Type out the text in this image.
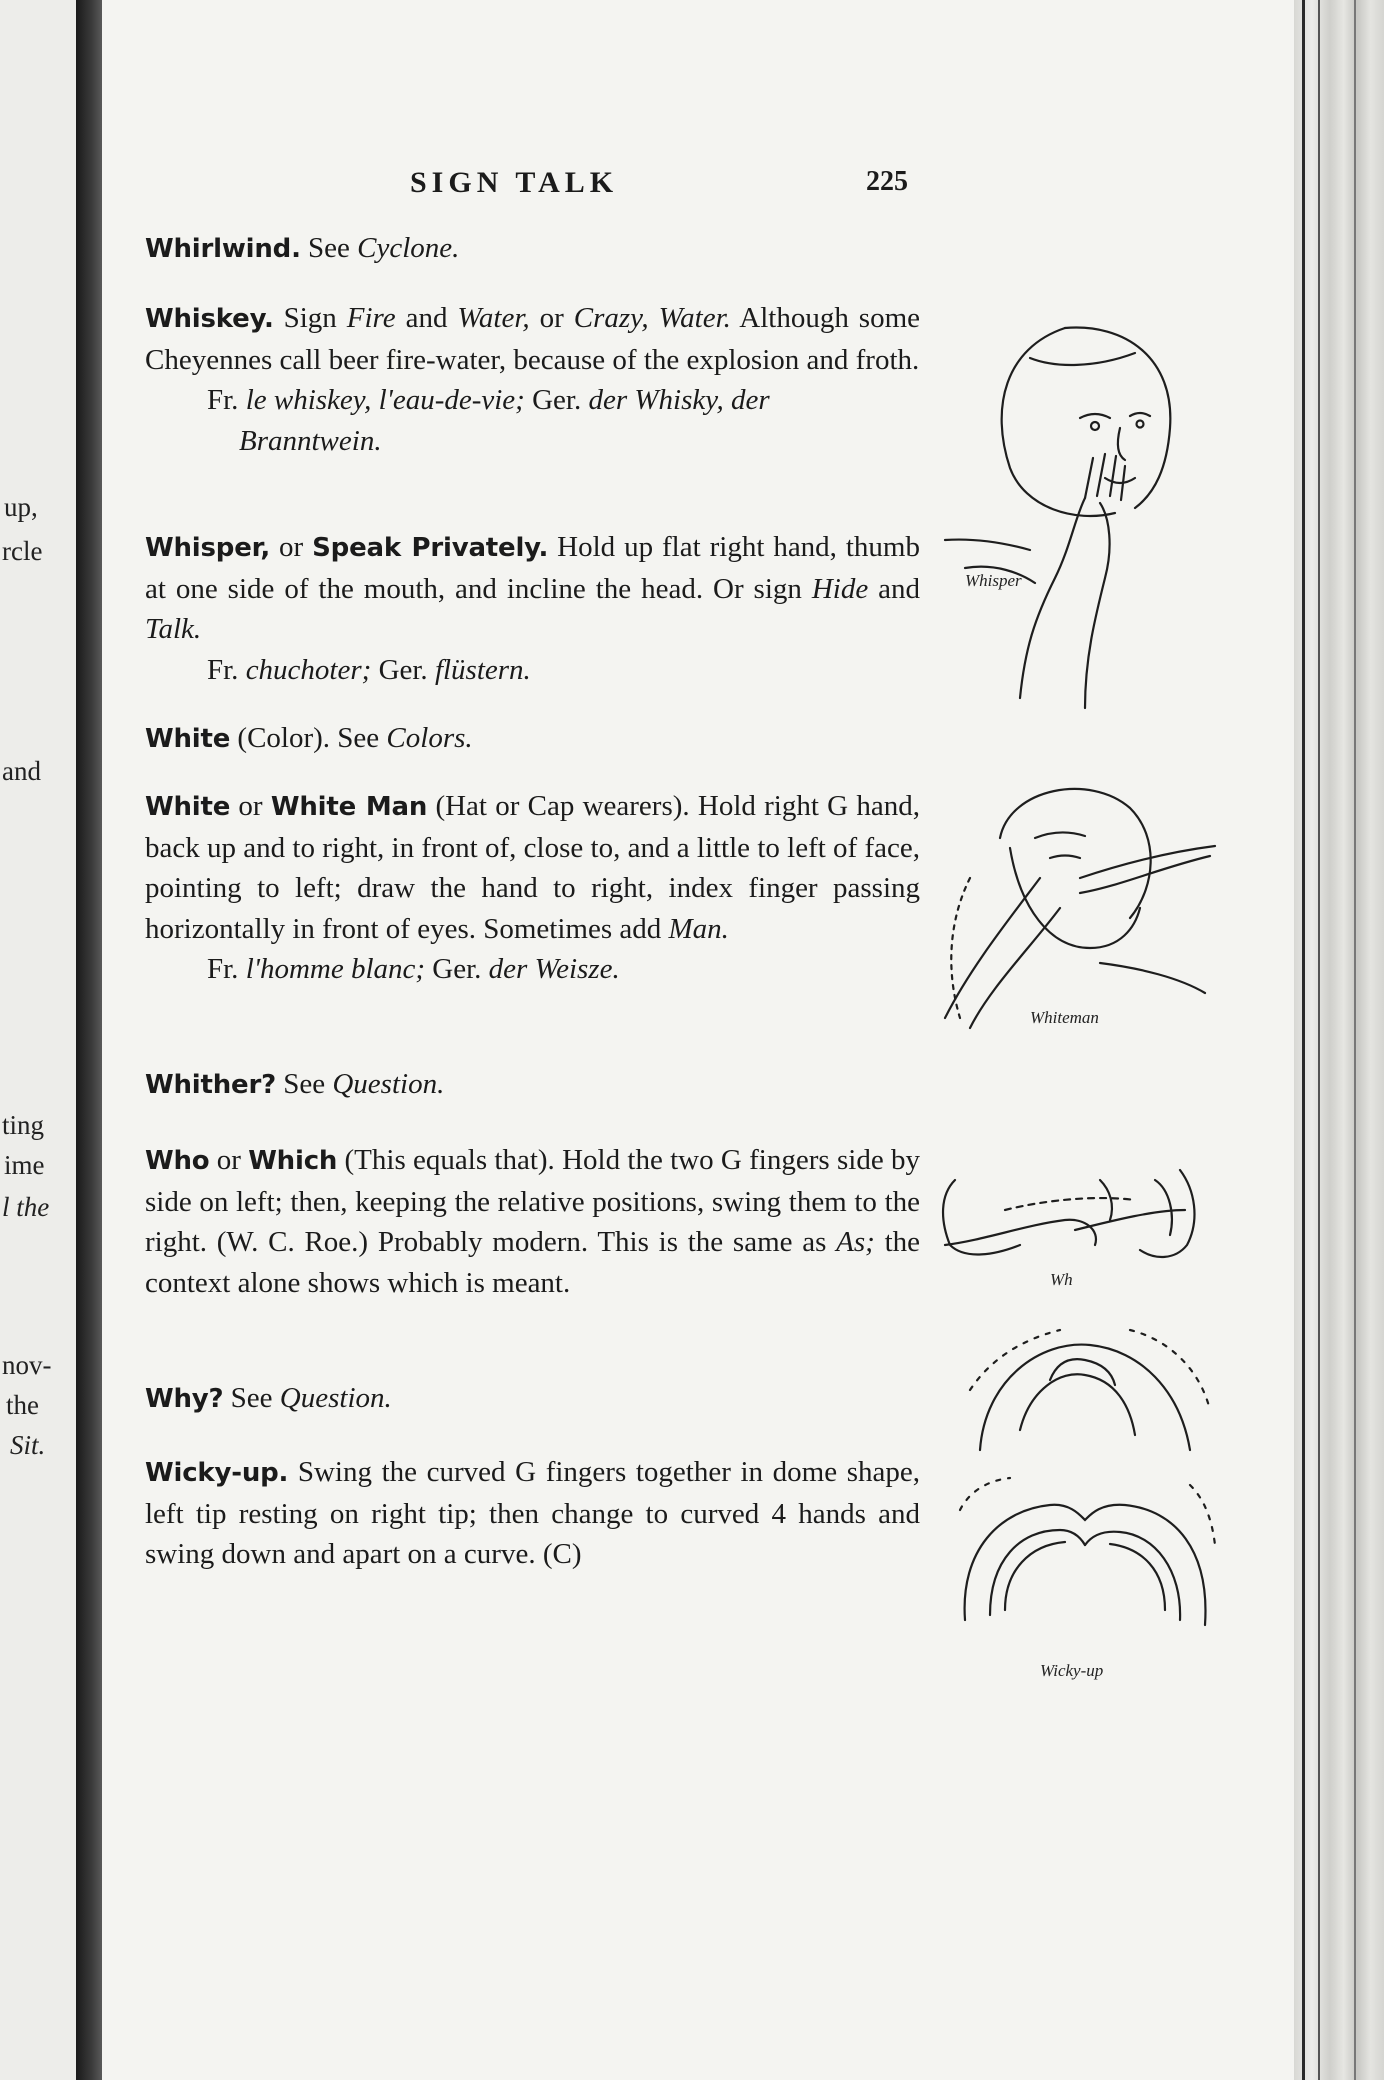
up,
rcle
and
ting
ime
l the
nov-
the
Sit.
SIGN TALK	225

Whirlwind. See Cyclone.

Whiskey. Sign Fire and Water, or Crazy, Water. Although some Cheyennes call beer fire-water, because of the explosion and froth.

Fr. le whiskey, l'eau-de-vie; Ger. der Whisky, der
Branntwein.

Whisper, or Speak Privately. Hold up flat right hand, thumb at one side of the mouth, and incline the head. Or sign Hide and Talk.

Fr. chuchoter; Ger. flüstern.

White (Color). See Colors.

White or White Man (Hat or Cap wearers). Hold right G hand, back up and to right, in front of, close to, and a little to left of face, pointing to left; draw the hand to right, index finger passing horizontally in front of eyes. Sometimes add Man.

Fr. l'homme blanc; Ger. der Weisze.

Whither? See Question.

Who or Which (This equals that). Hold the two G fingers side by side on left; then, keeping the relative positions, swing them to the right. (W. C. Roe.) Probably modern. This is the same as As; the context alone shows which is meant.

Why? See Question.

Wicky-up. Swing the curved G fingers together in dome shape, left tip resting on right tip; then change to curved 4 hands and swing down and apart on a curve. (C)

Whisper
Whiteman
Wh
Wicky-up
